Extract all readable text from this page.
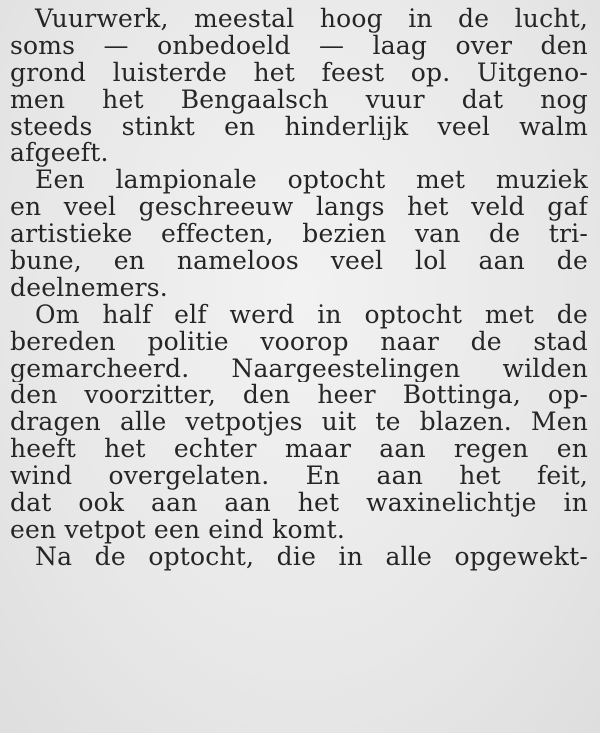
Vuurwerk, meestal hoog in de lucht,
soms — onbedoeld — laag over den
grond luisterde het feest op. Uitgeno-
men het Bengaalsch vuur dat nog
steeds stinkt en hinderlijk veel walm
afgeeft.
Een lampionale optocht met muziek
en veel geschreeuw langs het veld gaf
artistieke effecten, bezien van de tri-
bune, en nameloos veel lol aan de
deelnemers.
Om half elf werd in optocht met de
bereden politie voorop naar de stad
gemarcheerd. Naargeestelingen wilden
den voorzitter, den heer Bottinga, op-
dragen alle vetpotjes uit te blazen. Men
heeft het echter maar aan regen en
wind overgelaten. En aan het feit,
dat ook aan aan het waxinelichtje in
een vetpot een eind komt.
Na de optocht, die in alle opgewekt-
